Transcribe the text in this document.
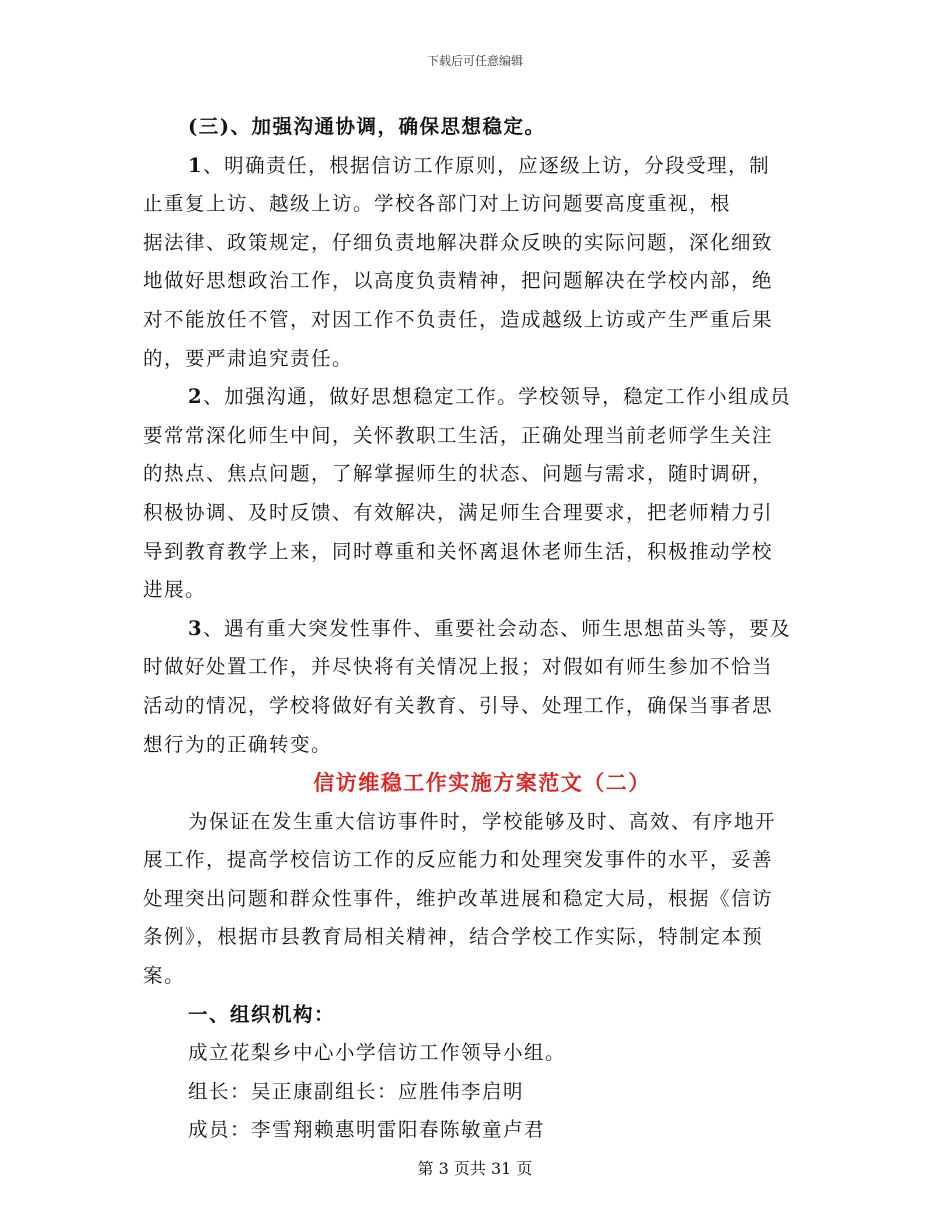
下载后可任意编辑
(三)、加强沟通协调，确保思想稳定。
1、明确责任，根据信访工作原则，应逐级上访，分段受理，制
止重复上访、越级上访。学校各部门对上访问题要高度重视，根
据法律、政策规定，仔细负责地解决群众反映的实际问题，深化细致
地做好思想政治工作，以高度负责精神，把问题解决在学校内部，绝
对不能放任不管，对因工作不负责任，造成越级上访或产生严重后果
的，要严肃追究责任。
2、加强沟通，做好思想稳定工作。学校领导，稳定工作小组成员
要常常深化师生中间，关怀教职工生活，正确处理当前老师学生关注
的热点、焦点问题，了解掌握师生的状态、问题与需求，随时调研，
积极协调、及时反馈、有效解决，满足师生合理要求，把老师精力引
导到教育教学上来，同时尊重和关怀离退休老师生活，积极推动学校
进展。
3、遇有重大突发性事件、重要社会动态、师生思想苗头等，要及
时做好处置工作，并尽快将有关情况上报；对假如有师生参加不恰当
活动的情况，学校将做好有关教育、引导、处理工作，确保当事者思
想行为的正确转变。
信访维稳工作实施方案范文（二）
为保证在发生重大信访事件时，学校能够及时、高效、有序地开
展工作，提高学校信访工作的反应能力和处理突发事件的水平，妥善
处理突出问题和群众性事件，维护改革进展和稳定大局，根据《信访
条例》，根据市县教育局相关精神，结合学校工作实际，特制定本预
案。
一、组织机构：
成立花梨乡中心小学信访工作领导小组。
组长：吴正康副组长：应胜伟李启明
成员：李雪翔赖惠明雷阳春陈敏童卢君
第 3 页共 31 页
